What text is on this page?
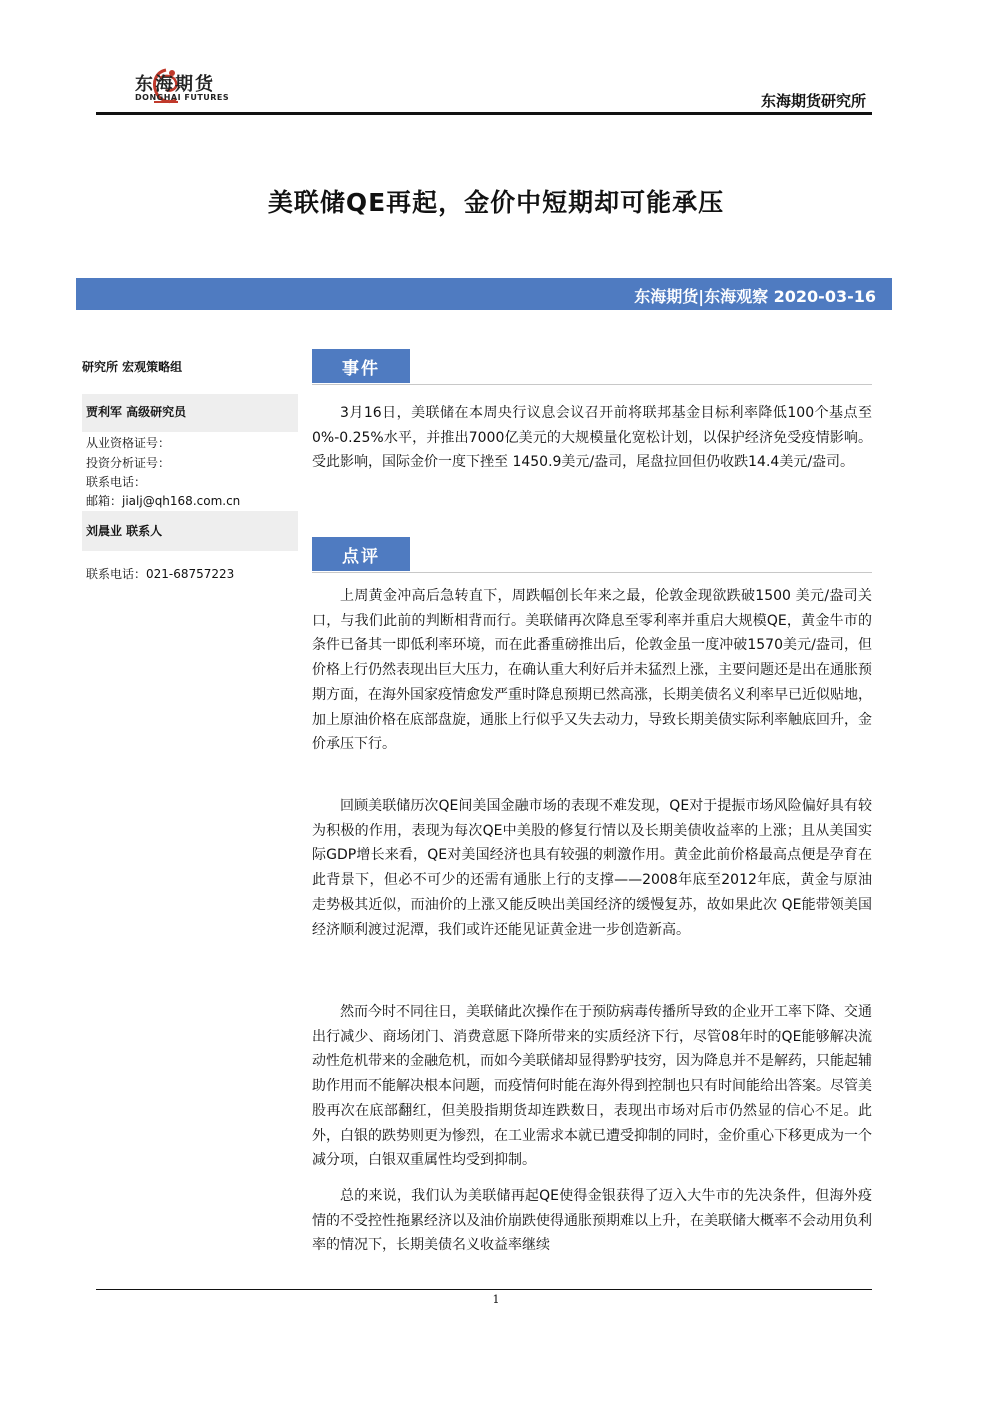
东海期货
DONGHAI FUTURES	东海期货研究所
美联储QE再起，金价中短期却可能承压
东海期货|东海观察 2020-03-16
研究所 宏观策略组
贾利军 高级研究员
从业资格证号：
投资分析证号：
联系电话：
邮箱：jialj@qh168.com.cn
刘晨业 联系人
联系电话：021-68757223
事件

3月16日，美联储在本周央行议息会议召开前将联邦基金目标利率降低100个基点至0%-0.25%水平，并推出7000亿美元的大规模量化宽松计划，以保护经济免受疫情影响。受此影响，国际金价一度下挫至 1450.9美元/盎司，尾盘拉回但仍收跌14.4美元/盎司。

点评

上周黄金冲高后急转直下，周跌幅创长年来之最，伦敦金现欲跌破1500 美元/盎司关口，与我们此前的判断相背而行。美联储再次降息至零利率并重启大规模QE，黄金牛市的条件已备其一即低利率环境，而在此番重磅推出后，伦敦金虽一度冲破1570美元/盎司，但价格上行仍然表现出巨大压力，在确认重大利好后并未猛烈上涨，主要问题还是出在通胀预期方面，在海外国家疫情愈发严重时降息预期已然高涨，长期美债名义利率早已近似贴地，加上原油价格在底部盘旋，通胀上行似乎又失去动力，导致长期美债实际利率触底回升，金价承压下行。

回顾美联储历次QE间美国金融市场的表现不难发现，QE对于提振市场风险偏好具有较为积极的作用，表现为每次QE中美股的修复行情以及长期美债收益率的上涨；且从美国实际GDP增长来看，QE对美国经济也具有较强的刺激作用。黄金此前价格最高点便是孕育在此背景下，但必不可少的还需有通胀上行的支撑——2008年底至2012年底，黄金与原油走势极其近似，而油价的上涨又能反映出美国经济的缓慢复苏，故如果此次 QE能带领美国经济顺利渡过泥潭，我们或许还能见证黄金进一步创造新高。

然而今时不同往日，美联储此次操作在于预防病毒传播所导致的企业开工率下降、交通出行减少、商场闭门、消费意愿下降所带来的实质经济下行，尽管08年时的QE能够解决流动性危机带来的金融危机，而如今美联储却显得黔驴技穷，因为降息并不是解药，只能起辅助作用而不能解决根本问题，而疫情何时能在海外得到控制也只有时间能给出答案。尽管美股再次在底部翻红，但美股指期货却连跌数日，表现出市场对后市仍然显的信心不足。此外，白银的跌势则更为惨烈，在工业需求本就已遭受抑制的同时，金价重心下移更成为一个减分项，白银双重属性均受到抑制。

总的来说，我们认为美联储再起QE使得金银获得了迈入大牛市的先决条件，但海外疫情的不受控性拖累经济以及油价崩跌使得通胀预期难以上升，在美联储大概率不会动用负利率的情况下，长期美债名义收益率继续

1
